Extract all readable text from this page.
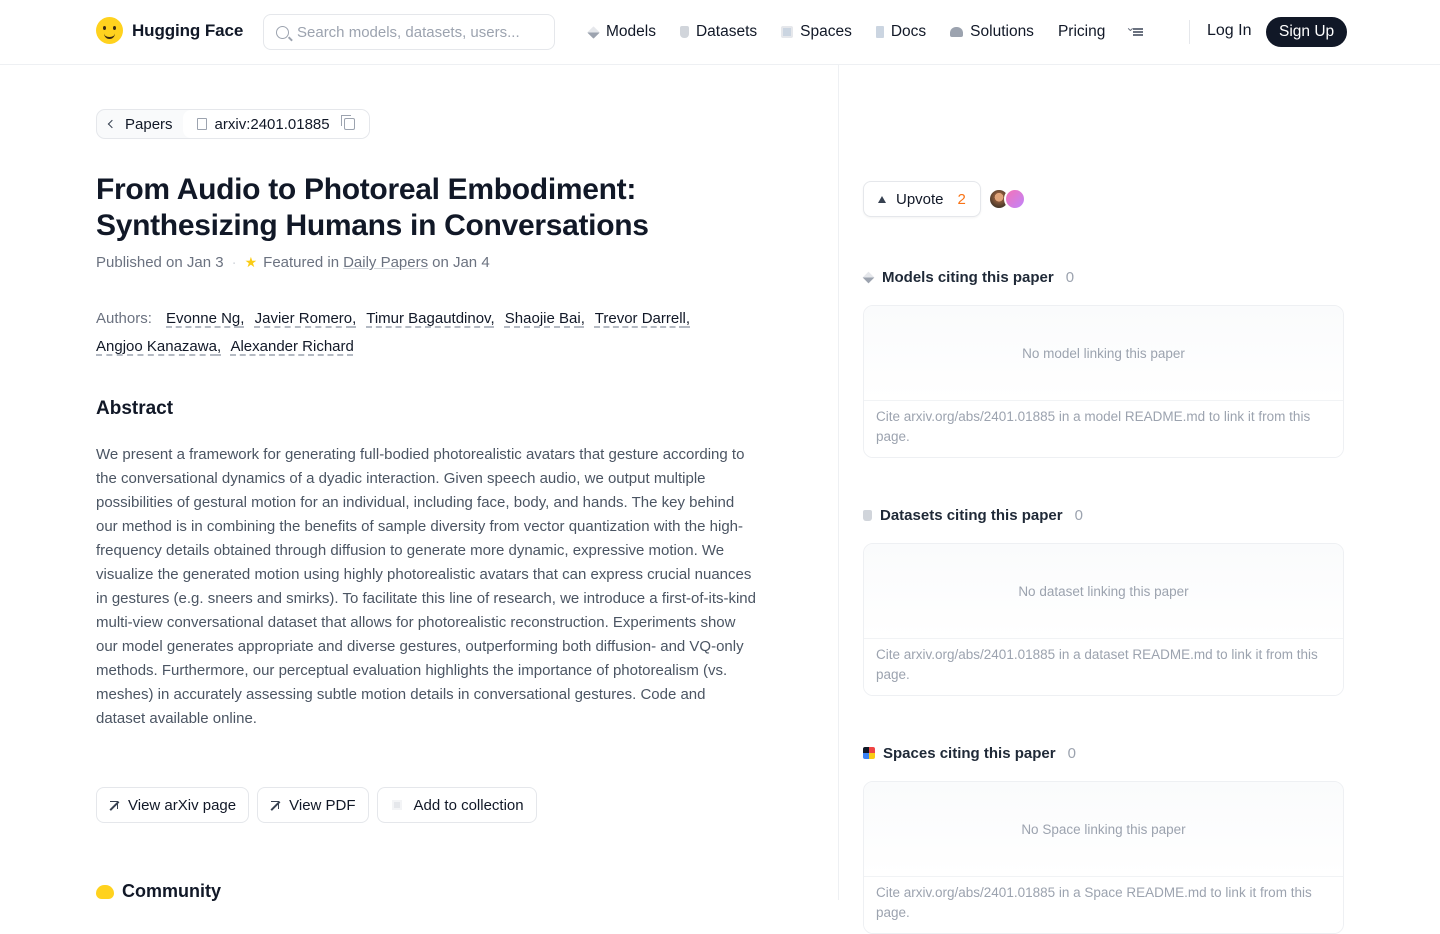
Hugging Face
Search models, datasets, users...	Models	Datasets	Spaces	Docs	Solutions Pricing
⌄	Log In	Sign Up
Papers	arxiv:2401.01885
From Audio to Photoreal Embodiment: Synthesizing Humans in Conversations
Published on Jan 3 · ★ Featured in Daily Papers on Jan 4
Authors: Evonne Ng, Javier Romero, Timur Bagautdinov, Shaojie Bai, Trevor Darrell, Angjoo Kanazawa, Alexander Richard
Abstract

We present a framework for generating full-bodied photorealistic avatars that gesture according to the conversational dynamics of a dyadic interaction. Given speech audio, we output multiple possibilities of gestural motion for an individual, including face, body, and hands. The key behind our method is in combining the benefits of sample diversity from vector quantization with the high-frequency details obtained through diffusion to generate more dynamic, expressive motion. We visualize the generated motion using highly photorealistic avatars that can express crucial nuances in gestures (e.g. sneers and smirks). To facilitate this line of research, we introduce a first-of-its-kind multi-view conversational dataset that allows for photorealistic reconstruction. Experiments show our model generates appropriate and diverse gestures, outperforming both diffusion- and VQ-only methods. Furthermore, our perceptual evaluation highlights the importance of photorealism (vs. meshes) in accurately assessing subtle motion details in conversational gestures. Code and dataset available online.

View arXiv page	View PDF	Add to collection
Community
Upvote 2
Models citing this paper 0
No model linking this paper
Cite arxiv.org/abs/2401.01885 in a model README.md to link it from this page.
Datasets citing this paper 0
No dataset linking this paper
Cite arxiv.org/abs/2401.01885 in a dataset README.md to link it from this page.
Spaces citing this paper 0
No Space linking this paper
Cite arxiv.org/abs/2401.01885 in a Space README.md to link it from this page.
